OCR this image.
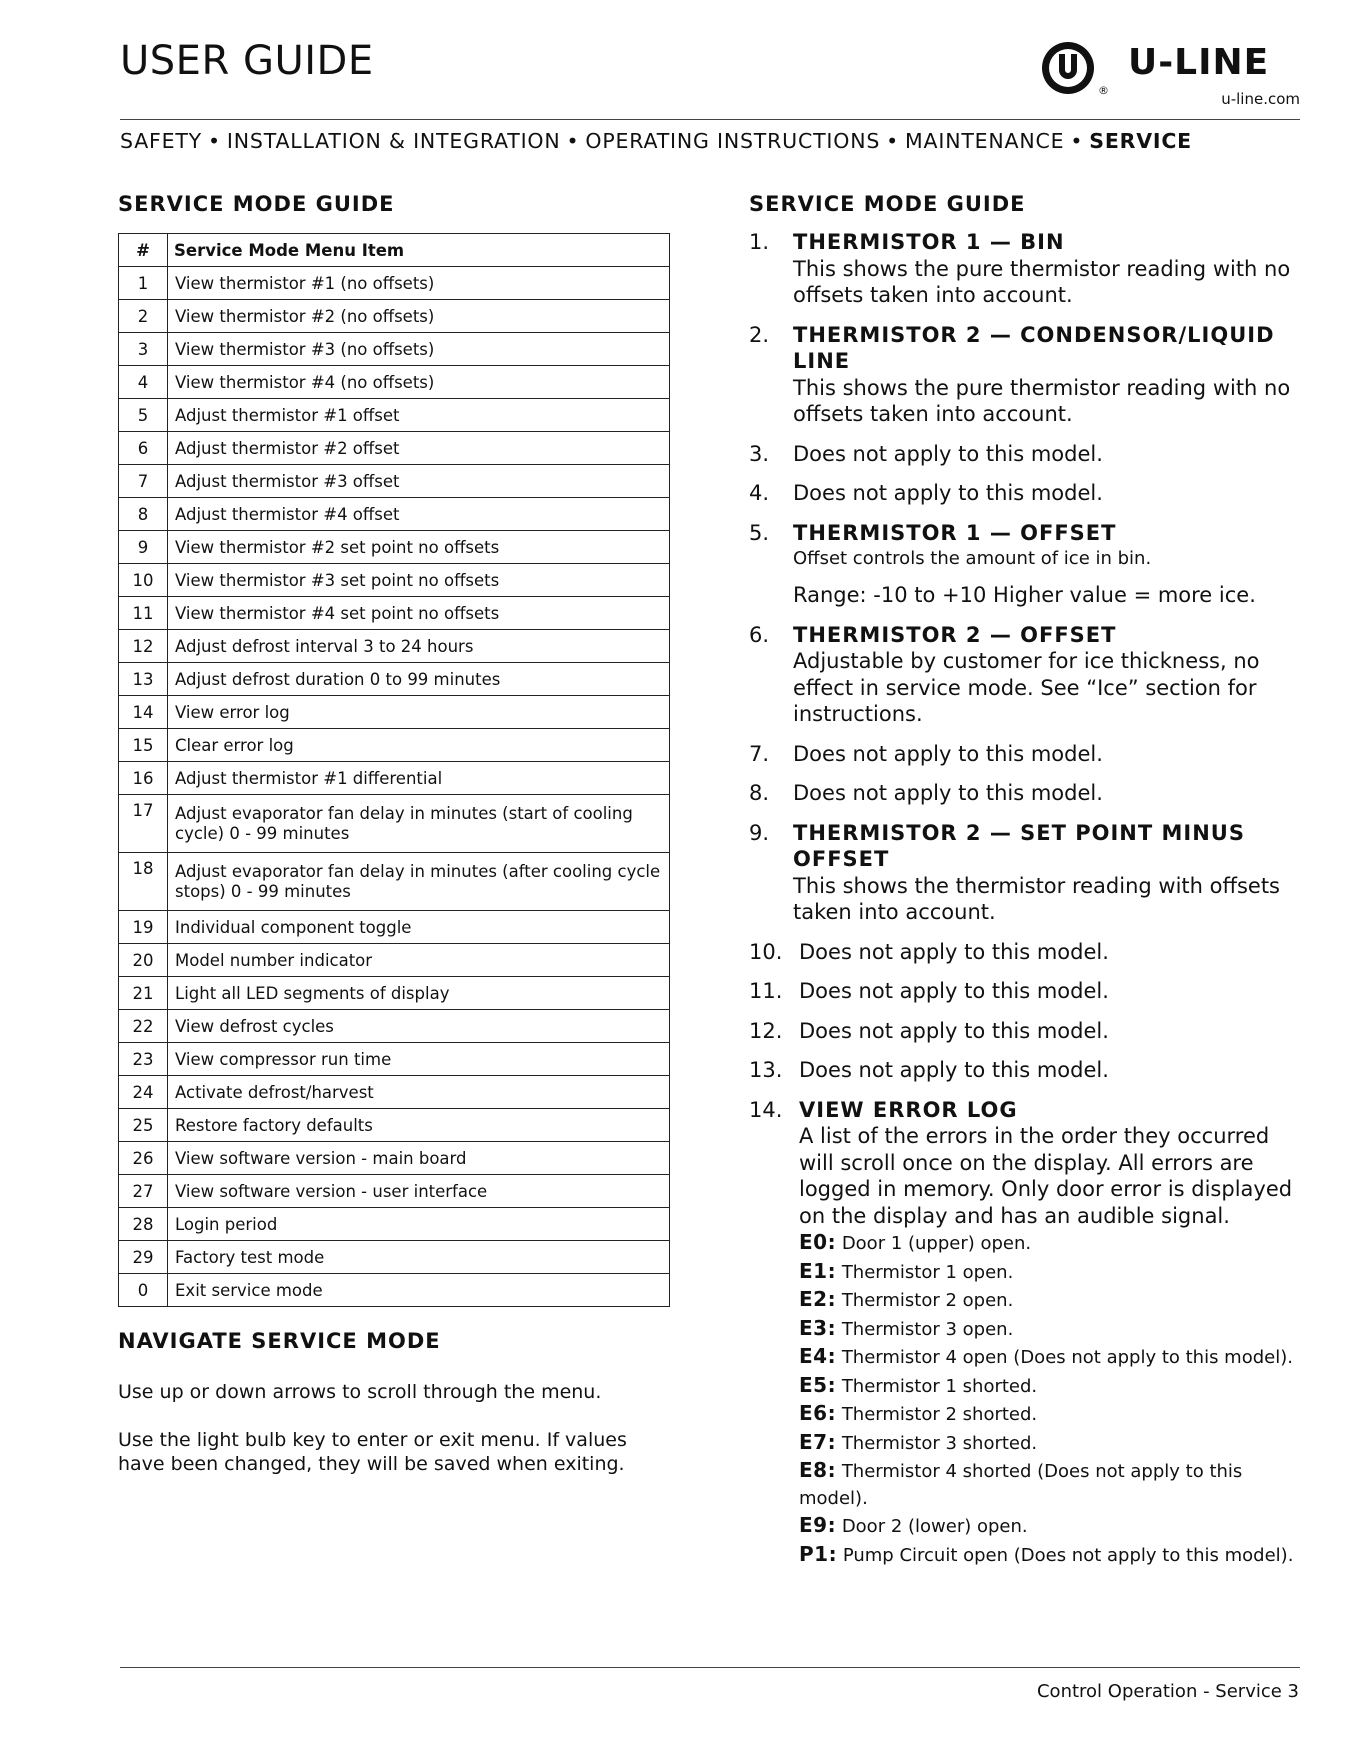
USER GUIDE
®
U-LINE
u-line.com
SAFETY • INSTALLATION & INTEGRATION • OPERATING INSTRUCTIONS • MAINTENANCE • SERVICE
SERVICE MODE GUIDE
#	Service Mode Menu Item
1	View thermistor #1 (no offsets)
2	View thermistor #2 (no offsets)
3	View thermistor #3 (no offsets)
4	View thermistor #4 (no offsets)
5	Adjust thermistor #1 offset
6	Adjust thermistor #2 offset
7	Adjust thermistor #3 offset
8	Adjust thermistor #4 offset
9	View thermistor #2 set point no offsets
10	View thermistor #3 set point no offsets
11	View thermistor #4 set point no offsets
12	Adjust defrost interval 3 to 24 hours
13	Adjust defrost duration 0 to 99 minutes
14	View error log
15	Clear error log
16	Adjust thermistor #1 differential
17	Adjust evaporator fan delay in minutes (start of cooling cycle) 0 - 99 minutes
18	Adjust evaporator fan delay in minutes (after cooling cycle stops) 0 - 99 minutes
19	Individual component toggle
20	Model number indicator
21	Light all LED segments of display
22	View defrost cycles
23	View compressor run time
24	Activate defrost/harvest
25	Restore factory defaults
26	View software version - main board
27	View software version - user interface
28	Login period
29	Factory test mode
0	Exit service mode
NAVIGATE SERVICE MODE
Use up or down arrows to scroll through the menu.
Use the light bulb key to enter or exit menu. If values have been changed, they will be saved when exiting.
SERVICE MODE GUIDE
1. THERMISTOR 1 — BIN
This shows the pure thermistor reading with no offsets taken into account.
2. THERMISTOR 2 — CONDENSOR/LIQUID LINE
This shows the pure thermistor reading with no offsets taken into account.
3. Does not apply to this model.
4. Does not apply to this model.
5. THERMISTOR 1 — OFFSET
Offset controls the amount of ice in bin.
Range: -10 to +10 Higher value = more ice.
6. THERMISTOR 2 — OFFSET
Adjustable by customer for ice thickness, no effect in service mode. See “Ice” section for instructions.
7. Does not apply to this model.
8. Does not apply to this model.
9. THERMISTOR 2 — SET POINT MINUS OFFSET
This shows the thermistor reading with offsets taken into account.
10. Does not apply to this model.
11. Does not apply to this model.
12. Does not apply to this model.
13. Does not apply to this model.
14. VIEW ERROR LOG
A list of the errors in the order they occurred will scroll once on the display. All errors are logged in memory. Only door error is displayed on the display and has an audible signal.
E0: Door 1 (upper) open.
E1: Thermistor 1 open.
E2: Thermistor 2 open.
E3: Thermistor 3 open.
E4: Thermistor 4 open (Does not apply to this model).
E5: Thermistor 1 shorted.
E6: Thermistor 2 shorted.
E7: Thermistor 3 shorted.
E8: Thermistor 4 shorted (Does not apply to this model).
E9: Door 2 (lower) open.
P1: Pump Circuit open (Does not apply to this model).
Control Operation - Service 3
